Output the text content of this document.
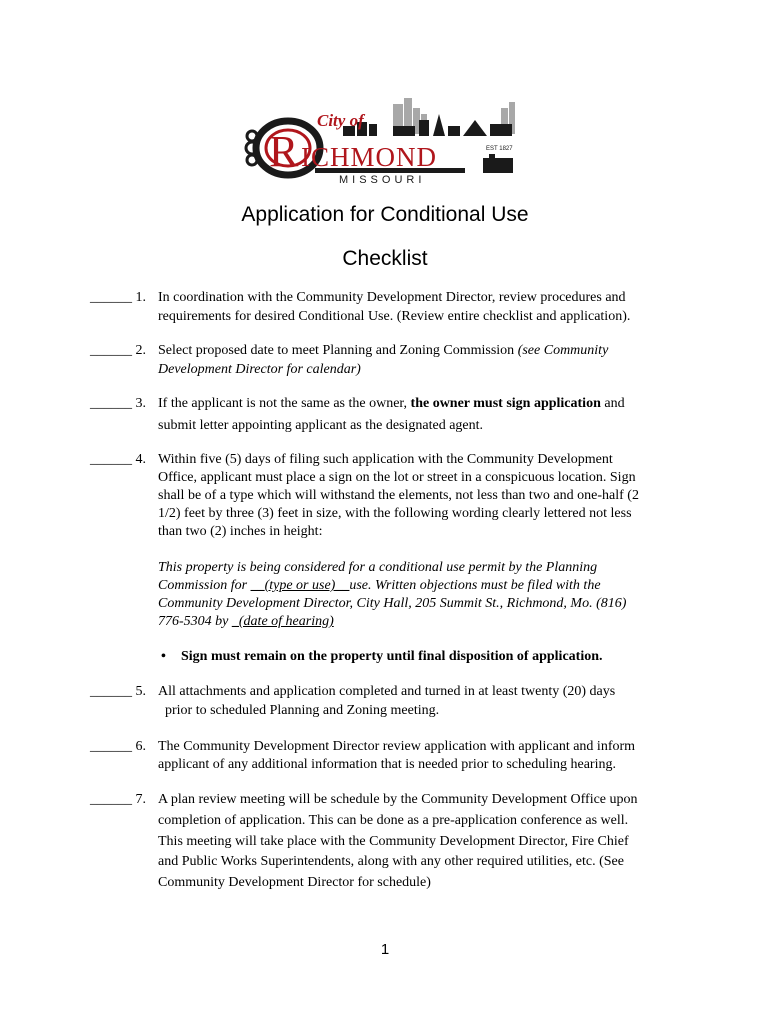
City of
EST 1827
R ICHMOND
MISSOURI
Application for Conditional Use
Checklist
______ 1. In coordination with the Community Development Director, review procedures and
requirements for desired Conditional Use. (Review entire checklist and application).
______ 2. Select proposed date to meet Planning and Zoning Commission (see Community
Development Director for calendar)
______ 3. If the applicant is not the same as the owner, the owner must sign application and
submit letter appointing applicant as the designated agent.
______ 4. Within five (5) days of filing such application with the Community Development
Office, applicant must place a sign on the lot or street in a conspicuous location. Sign
shall be of a type which will withstand the elements, not less than two and one-half (2
1/2) feet by three (3) feet in size, with the following wording clearly lettered not less
than two (2) inches in height:
This property is being considered for a conditional use permit by the Planning
Commission for __(type or use)__use. Written objections must be filed with the
Community Development Director, City Hall, 205 Summit St., Richmond, Mo. (816)
776-5304 by _(date of hearing)
• Sign must remain on the property until final disposition of application.
______ 5. All attachments and application completed and turned in at least twenty (20) days
prior to scheduled Planning and Zoning meeting.
______ 6. The Community Development Director review application with applicant and inform
applicant of any additional information that is needed prior to scheduling hearing.
______ 7. A plan review meeting will be schedule by the Community Development Office upon
completion of application. This can be done as a pre-application conference as well.
This meeting will take place with the Community Development Director, Fire Chief
and Public Works Superintendents, along with any other required utilities, etc. (See
Community Development Director for schedule)
1
